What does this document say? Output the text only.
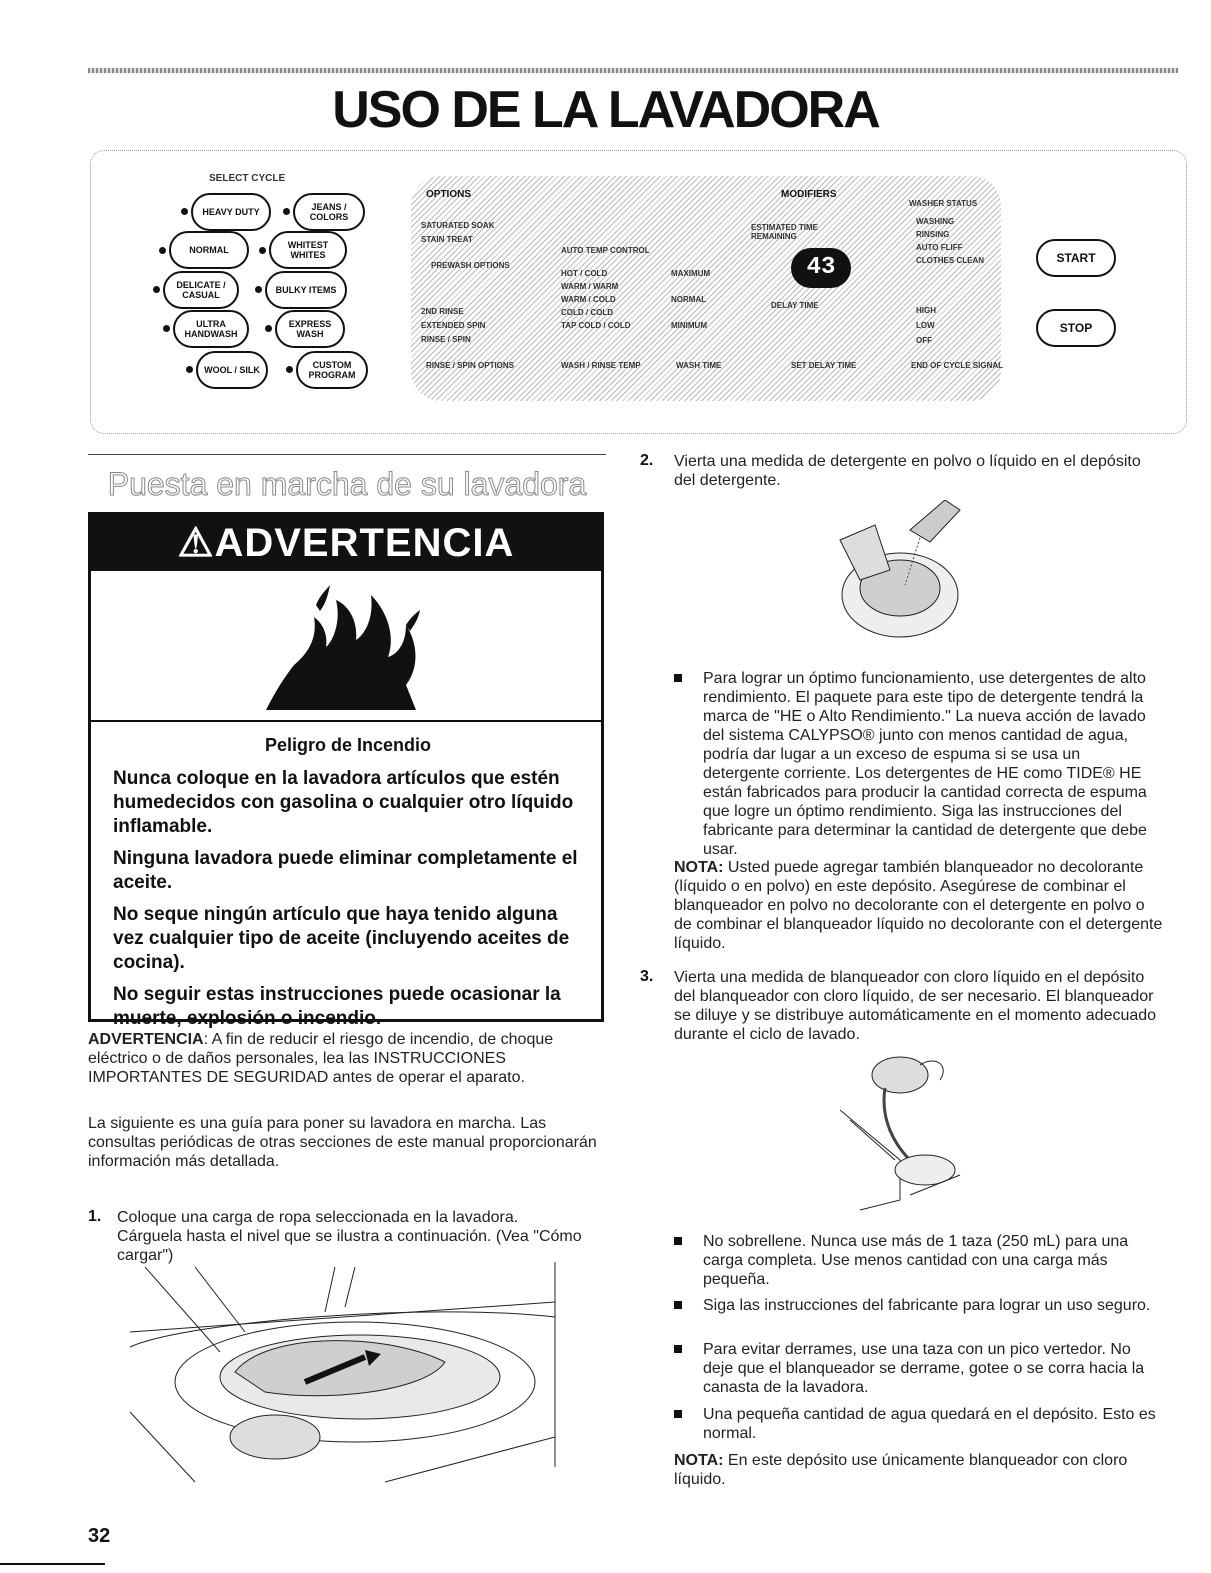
USO DE LA LAVADORA
SELECT CYCLE
HEAVY DUTY	JEANS / COLORS
NORMAL	WHITEST WHITES
DELICATE / CASUAL	BULKY ITEMS
ULTRA HANDWASH
EXPRESS WASH
WOOL / SILK	CUSTOM PROGRAM
OPTIONS
SATURATED SOAK
STAIN TREAT
PREWASH OPTIONS
2ND RINSE
EXTENDED SPIN
RINSE / SPIN
RINSE / SPIN OPTIONS
MODIFIERS
AUTO TEMP CONTROL
HOT / COLD
WARM / WARM
WARM / COLD
COLD / COLD
TAP COLD / COLD
MAXIMUM
NORMAL
MINIMUM
ESTIMATED TIME REMAINING
43
DELAY TIME
WASHER STATUS
WASHING
RINSING
AUTO FLIFF
CLOTHES CLEAN
HIGH
LOW
OFF
WASH / RINSE TEMP	WASH TIME	SET DELAY TIME	END OF CYCLE SIGNAL
START
STOP
Puesta en marcha de su lavadora
⚠ADVERTENCIA
Peligro de Incendio
Nunca coloque en la lavadora artículos que estén humedecidos con gasolina o cualquier otro líquido inflamable.
Ninguna lavadora puede eliminar completamente el aceite.
No seque ningún artículo que haya tenido alguna vez cualquier tipo de aceite (incluyendo aceites de cocina).
No seguir estas instrucciones puede ocasionar la muerte, explosión o incendio.
ADVERTENCIA: A fin de reducir el riesgo de incendio, de choque eléctrico o de daños personales, lea las INSTRUCCIONES IMPORTANTES DE SEGURIDAD antes de operar el aparato.
La siguiente es una guía para poner su lavadora en marcha. Las consultas periódicas de otras secciones de este manual proporcionarán información más detallada.
1. Coloque una carga de ropa seleccionada en la lavadora. Cárguela hasta el nivel que se ilustra a continuación. (Vea "Cómo cargar")
2. Vierta una medida de detergente en polvo o líquido en el depósito del detergente.
Para lograr un óptimo funcionamiento, use detergentes de alto rendimiento. El paquete para este tipo de detergente tendrá la marca de "HE o Alto Rendimiento." La nueva acción de lavado del sistema CALYPSO® junto con menos cantidad de agua, podría dar lugar a un exceso de espuma si se usa un detergente corriente. Los detergentes de HE como TIDE® HE están fabricados para producir la cantidad correcta de espuma que logre un óptimo rendimiento. Siga las instrucciones del fabricante para determinar la cantidad de detergente que debe usar.
NOTA: Usted puede agregar también blanqueador no decolorante (líquido o en polvo) en este depósito. Asegúrese de combinar el blanqueador en polvo no decolorante con el detergente en polvo o de combinar el blanqueador líquido no decolorante con el detergente líquido.
3. Vierta una medida de blanqueador con cloro líquido en el depósito del blanqueador con cloro líquido, de ser necesario. El blanqueador se diluye y se distribuye automáticamente en el momento adecuado durante el ciclo de lavado.
No sobrellene. Nunca use más de 1 taza (250 mL) para una carga completa. Use menos cantidad con una carga más pequeña.
Siga las instrucciones del fabricante para lograr un uso seguro.
Para evitar derrames, use una taza con un pico vertedor. No deje que el blanqueador se derrame, gotee o se corra hacia la canasta de la lavadora.
Una pequeña cantidad de agua quedará en el depósito. Esto es normal.
NOTA: En este depósito use únicamente blanqueador con cloro líquido.
32
